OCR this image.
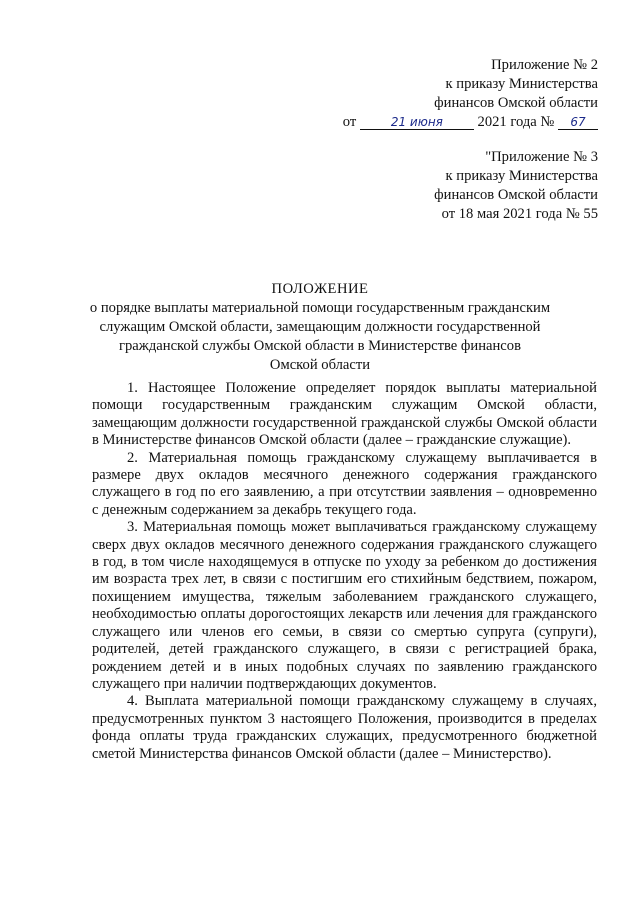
Приложение № 2
к приказу Министерства
финансов Омской области
от	21 июня 2021 года № 67
"Приложение № 3
к приказу Министерства
финансов Омской области
от 18 мая 2021 года № 55
ПОЛОЖЕНИЕ
о порядке выплаты материальной помощи государственным гражданским
служащим Омской области, замещающим должности государственной
гражданской службы Омской области в Министерстве финансов
Омской области

1. Настоящее Положение определяет порядок выплаты материальной помощи государственным гражданским служащим Омской области, замещающим должности государственной гражданской службы Омской области в Министерстве финансов Омской области (далее – гражданские служащие).

2. Материальная помощь гражданскому служащему выплачивается в размере двух окладов месячного денежного содержания гражданского служащего в год по его заявлению, а при отсутствии заявления – одновременно с денежным содержанием за декабрь текущего года.

3. Материальная помощь может выплачиваться гражданскому служащему сверх двух окладов месячного денежного содержания гражданского служащего в год, в том числе находящемуся в отпуске по уходу за ребенком до достижения им возраста трех лет, в связи с постигшим его стихийным бедствием, пожаром, похищением имущества, тяжелым заболеванием гражданского служащего, необходимостью оплаты дорогостоящих лекарств или лечения для гражданского служащего или членов его семьи, в связи со смертью супруга (супруги), родителей, детей гражданского служащего, в связи с регистрацией брака, рождением детей и в иных подобных случаях по заявлению гражданского служащего при наличии подтверждающих документов.

4. Выплата материальной помощи гражданскому служащему в случаях, предусмотренных пунктом 3 настоящего Положения, производится в пределах фонда оплаты труда гражданских служащих, предусмотренного бюджетной сметой Министерства финансов Омской области (далее – Министерство).
